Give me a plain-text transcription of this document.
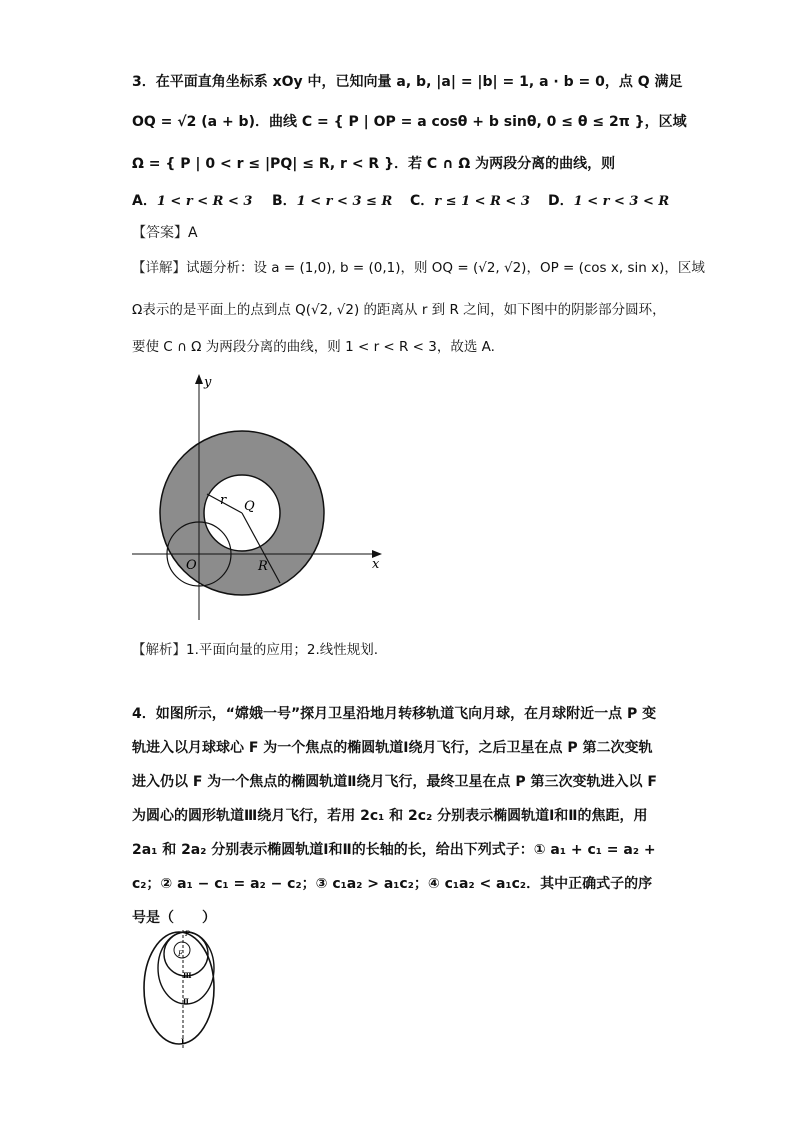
3．在平面直角坐标系 xOy 中，已知向量 a, b, |a| = |b| = 1, a · b = 0，点 Q 满足
OQ = √2 (a + b)．曲线 C = { P | OP = a cosθ + b sinθ, 0 ≤ θ ≤ 2π }，区域
Ω = { P | 0 < r ≤ |PQ| ≤ R, r < R }．若 C ∩ Ω 为两段分离的曲线，则
A．1 < r < R < 3 B．1 < r < 3 ≤ R C．r ≤ 1 < R < 3 D．1 < r < 3 < R
【答案】A
【详解】试题分析：设 a = (1,0), b = (0,1)，则 OQ = (√2, √2)，OP = (cos x, sin x)，区域
Ω表示的是平面上的点到点 Q(√2, √2) 的距离从 r 到 R 之间，如下图中的阴影部分圆环，
要使 C ∩ Ω 为两段分离的曲线，则 1 < r < R < 3，故选 A.
y
x
O
Q
r
R
【解析】1.平面向量的应用；2.线性规划.
4．如图所示，“嫦娥一号”探月卫星沿地月转移轨道飞向月球，在月球附近一点 P 变轨进入以月球球心 F 为一个焦点的椭圆轨道Ⅰ绕月飞行，之后卫星在点 P 第二次变轨进入仍以 F 为一个焦点的椭圆轨道Ⅱ绕月飞行，最终卫星在点 P 第三次变轨进入以 F 为圆心的圆形轨道Ⅲ绕月飞行，若用 2c₁ 和 2c₂ 分别表示椭圆轨道Ⅰ和Ⅱ的焦距，用 2a₁ 和 2a₂ 分别表示椭圆轨道Ⅰ和Ⅱ的长轴的长，给出下列式子：① a₁ + c₁ = a₂ + c₂；② a₁ − c₁ = a₂ − c₂；③ c₁a₂ > a₁c₂；④ c₁a₂ < a₁c₂．其中正确式子的序号是（　　）
P
F
Ⅲ
Ⅱ
Ⅰ
